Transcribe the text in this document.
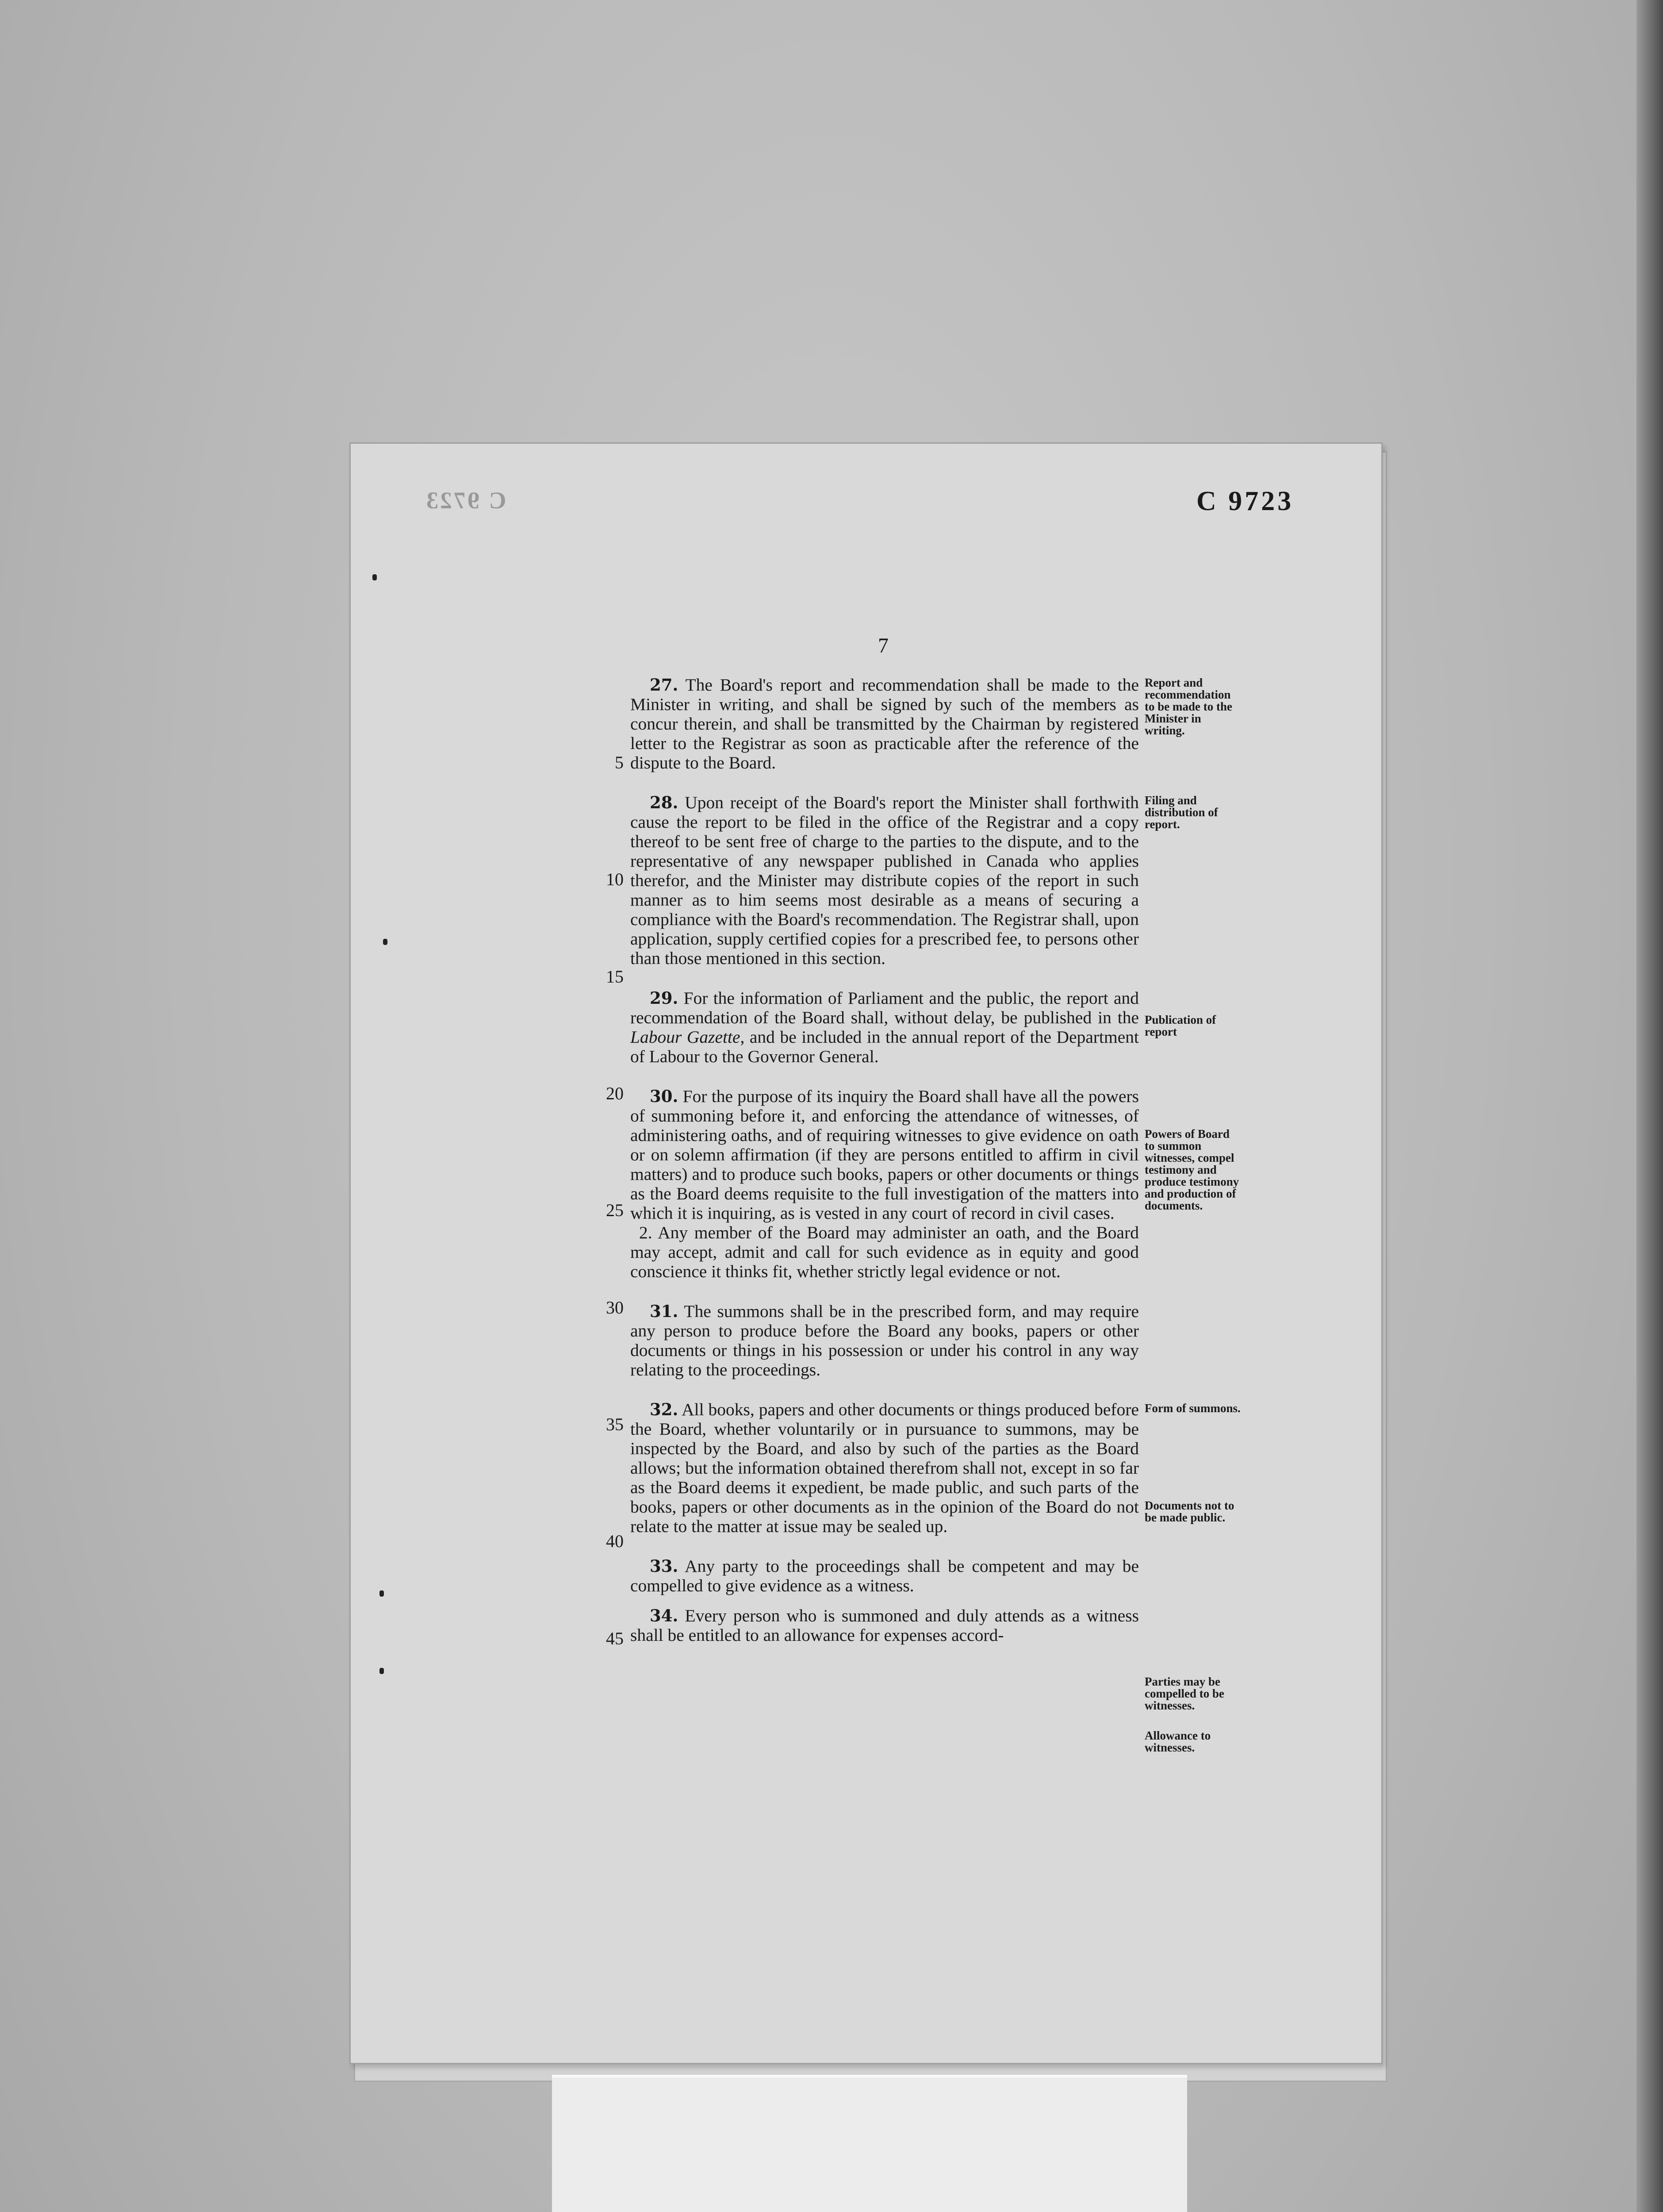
C 9723	C 9723
7
5
10
15
20
25
30
35
40
45

27. The Board's report and recommendation shall be made to the Minister in writing, and shall be signed by such of the members as concur therein, and shall be transmitted by the Chairman by registered letter to the Registrar as soon as practicable after the reference of the dispute to the Board.

28. Upon receipt of the Board's report the Minister shall forthwith cause the report to be filed in the office of the Registrar and a copy thereof to be sent free of charge to the parties to the dispute, and to the representative of any newspaper published in Canada who applies therefor, and the Minister may distribute copies of the report in such manner as to him seems most desirable as a means of securing a compliance with the Board's recommendation. The Registrar shall, upon application, supply certified copies for a prescribed fee, to persons other than those mentioned in this section.

29. For the information of Parliament and the public, the report and recommendation of the Board shall, without delay, be published in the Labour Gazette, and be included in the annual report of the Department of Labour to the Governor General.

30. For the purpose of its inquiry the Board shall have all the powers of summoning before it, and enforcing the attendance of witnesses, of administering oaths, and of requiring witnesses to give evidence on oath or on solemn affirmation (if they are persons entitled to affirm in civil matters) and to produce such books, papers or other documents or things as the Board deems requisite to the full investigation of the matters into which it is inquiring, as is vested in any court of record in civil cases.

2. Any member of the Board may administer an oath, and the Board may accept, admit and call for such evidence as in equity and good conscience it thinks fit, whether strictly legal evidence or not.

31. The summons shall be in the prescribed form, and may require any person to produce before the Board any books, papers or other documents or things in his possession or under his control in any way relating to the proceedings.

32. All books, papers and other documents or things produced before the Board, whether voluntarily or in pursuance to summons, may be inspected by the Board, and also by such of the parties as the Board allows; but the information obtained therefrom shall not, except in so far as the Board deems it expedient, be made public, and such parts of the books, papers or other documents as in the opinion of the Board do not relate to the matter at issue may be sealed up.

33. Any party to the proceedings shall be competent and may be compelled to give evidence as a witness.

34. Every person who is summoned and duly attends as a witness shall be entitled to an allowance for expenses accord-

Report and recommendation to be made to the Minister in writing.
Filing and distribution of report.
Publication of report
Powers of Board to summon witnesses, compel testimony and produce testimony and production of documents.
Form of summons.
Documents not to be made public.
Parties may be compelled to be witnesses.
Allowance to witnesses.
